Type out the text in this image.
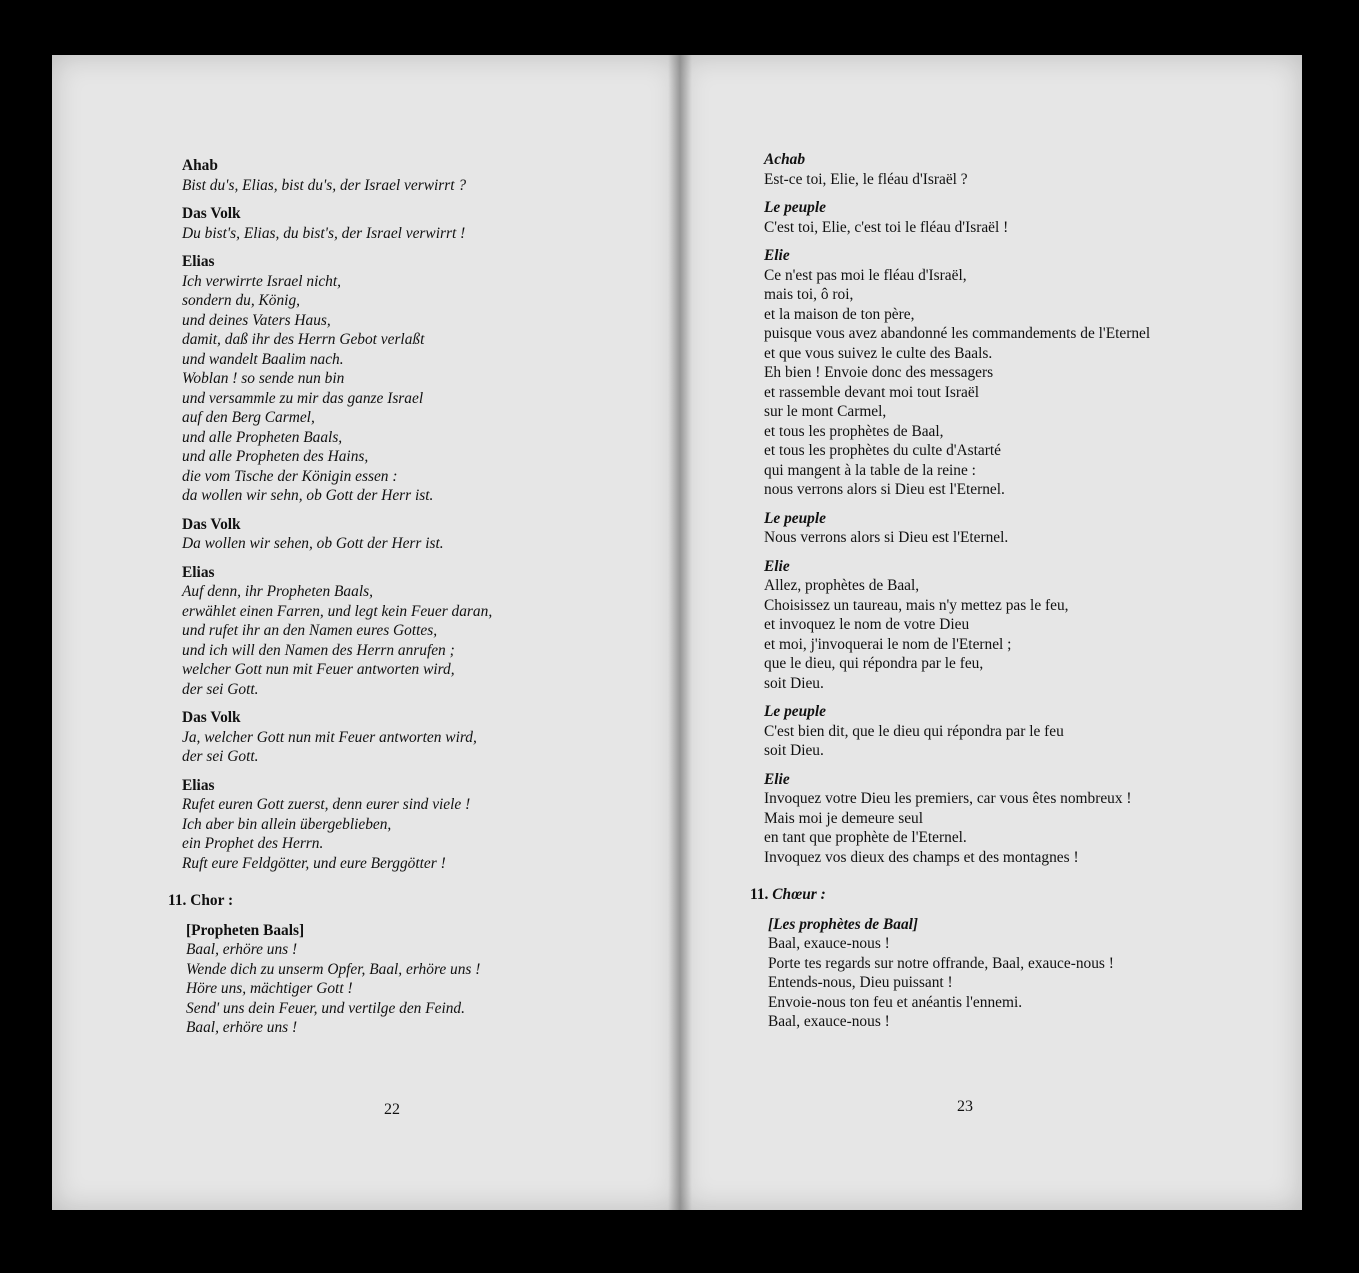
Ahab
Bist du's, Elias, bist du's, der Israel verwirrt ?
Das Volk
Du bist's, Elias, du bist's, der Israel verwirrt !
Elias
Ich verwirrte Israel nicht,
sondern du, König,
und deines Vaters Haus,
damit, daß ihr des Herrn Gebot verlaßt
und wandelt Baalim nach.
Woblan ! so sende nun bin
und versammle zu mir das ganze Israel
auf den Berg Carmel,
und alle Propheten Baals,
und alle Propheten des Hains,
die vom Tische der Königin essen :
da wollen wir sehn, ob Gott der Herr ist.
Das Volk
Da wollen wir sehen, ob Gott der Herr ist.
Elias
Auf denn, ihr Propheten Baals,
erwählet einen Farren, und legt kein Feuer daran,
und rufet ihr an den Namen eures Gottes,
und ich will den Namen des Herrn anrufen ;
welcher Gott nun mit Feuer antworten wird,
der sei Gott.
Das Volk
Ja, welcher Gott nun mit Feuer antworten wird,
der sei Gott.
Elias
Rufet euren Gott zuerst, denn eurer sind viele !
Ich aber bin allein übergeblieben,
ein Prophet des Herrn.
Ruft eure Feldgötter, und eure Berggötter !
11. Chor :
[Propheten Baals]
Baal, erhöre uns !
Wende dich zu unserm Opfer, Baal, erhöre uns !
Höre uns, mächtiger Gott !
Send' uns dein Feuer, und vertilge den Feind.
Baal, erhöre uns !
Achab
Est-ce toi, Elie, le fléau d'Israël ?
Le peuple
C'est toi, Elie, c'est toi le fléau d'Israël !
Elie
Ce n'est pas moi le fléau d'Israël,
mais toi, ô roi,
et la maison de ton père,
puisque vous avez abandonné les commandements de l'Eternel
et que vous suivez le culte des Baals.
Eh bien ! Envoie donc des messagers
et rassemble devant moi tout Israël
sur le mont Carmel,
et tous les prophètes de Baal,
et tous les prophètes du culte d'Astarté
qui mangent à la table de la reine :
nous verrons alors si Dieu est l'Eternel.
Le peuple
Nous verrons alors si Dieu est l'Eternel.
Elie
Allez, prophètes de Baal,
Choisissez un taureau, mais n'y mettez pas le feu,
et invoquez le nom de votre Dieu
et moi, j'invoquerai le nom de l'Eternel ;
que le dieu, qui répondra par le feu,
soit Dieu.
Le peuple
C'est bien dit, que le dieu qui répondra par le feu
soit Dieu.
Elie
Invoquez votre Dieu les premiers, car vous êtes nombreux !
Mais moi je demeure seul
en tant que prophète de l'Eternel.
Invoquez vos dieux des champs et des montagnes !
11. Chœur :
[Les prophètes de Baal]
Baal, exauce-nous !
Porte tes regards sur notre offrande, Baal, exauce-nous !
Entends-nous, Dieu puissant !
Envoie-nous ton feu et anéantis l'ennemi.
Baal, exauce-nous !
22	23
